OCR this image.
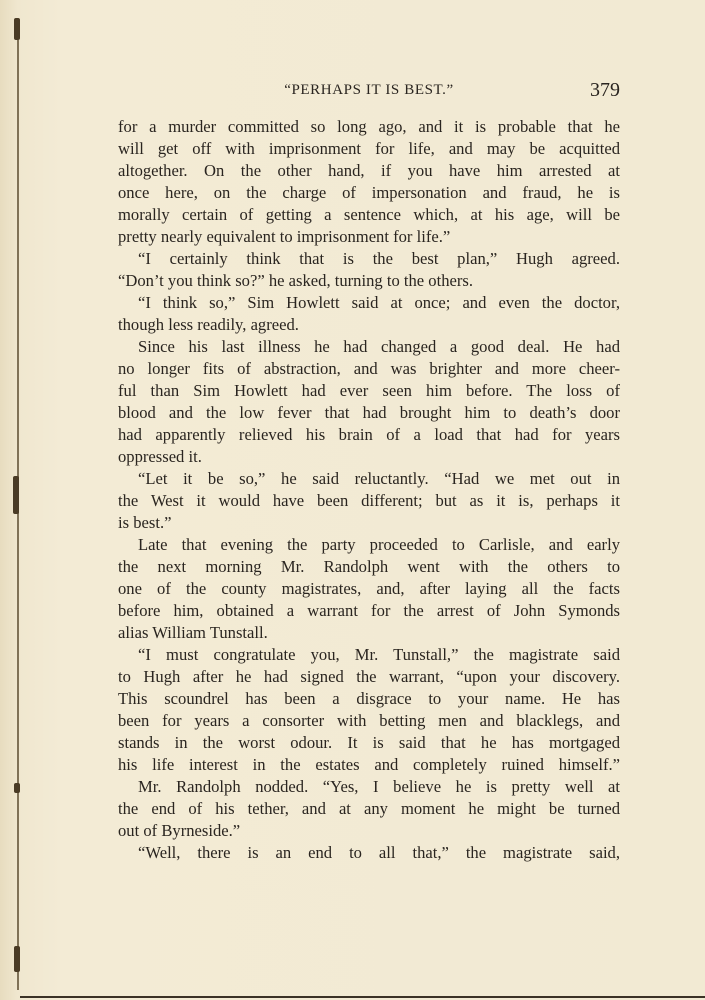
“PERHAPS IT IS BEST.”	379
for a murder committed so long ago, and it is probable that he
will get off with imprisonment for life, and may be acquitted
altogether. On the other hand, if you have him arrested at
once here, on the charge of impersonation and fraud, he is
morally certain of getting a sentence which, at his age, will be
pretty nearly equivalent to imprisonment for life.”
“I certainly think that is the best plan,” Hugh agreed.
“Don’t you think so?” he asked, turning to the others.
“I think so,” Sim Howlett said at once; and even the doctor,
though less readily, agreed.
Since his last illness he had changed a good deal. He had
no longer fits of abstraction, and was brighter and more cheer-
ful than Sim Howlett had ever seen him before. The loss of
blood and the low fever that had brought him to death’s door
had apparently relieved his brain of a load that had for years
oppressed it.
“Let it be so,” he said reluctantly. “Had we met out in
the West it would have been different; but as it is, perhaps it
is best.”
Late that evening the party proceeded to Carlisle, and early
the next morning Mr. Randolph went with the others to
one of the county magistrates, and, after laying all the facts
before him, obtained a warrant for the arrest of John Symonds
alias William Tunstall.
“I must congratulate you, Mr. Tunstall,” the magistrate said
to Hugh after he had signed the warrant, “upon your discovery.
This scoundrel has been a disgrace to your name. He has
been for years a consorter with betting men and blacklegs, and
stands in the worst odour. It is said that he has mortgaged
his life interest in the estates and completely ruined himself.”
Mr. Randolph nodded. “Yes, I believe he is pretty well at
the end of his tether, and at any moment he might be turned
out of Byrneside.”
“Well, there is an end to all that,” the magistrate said,
